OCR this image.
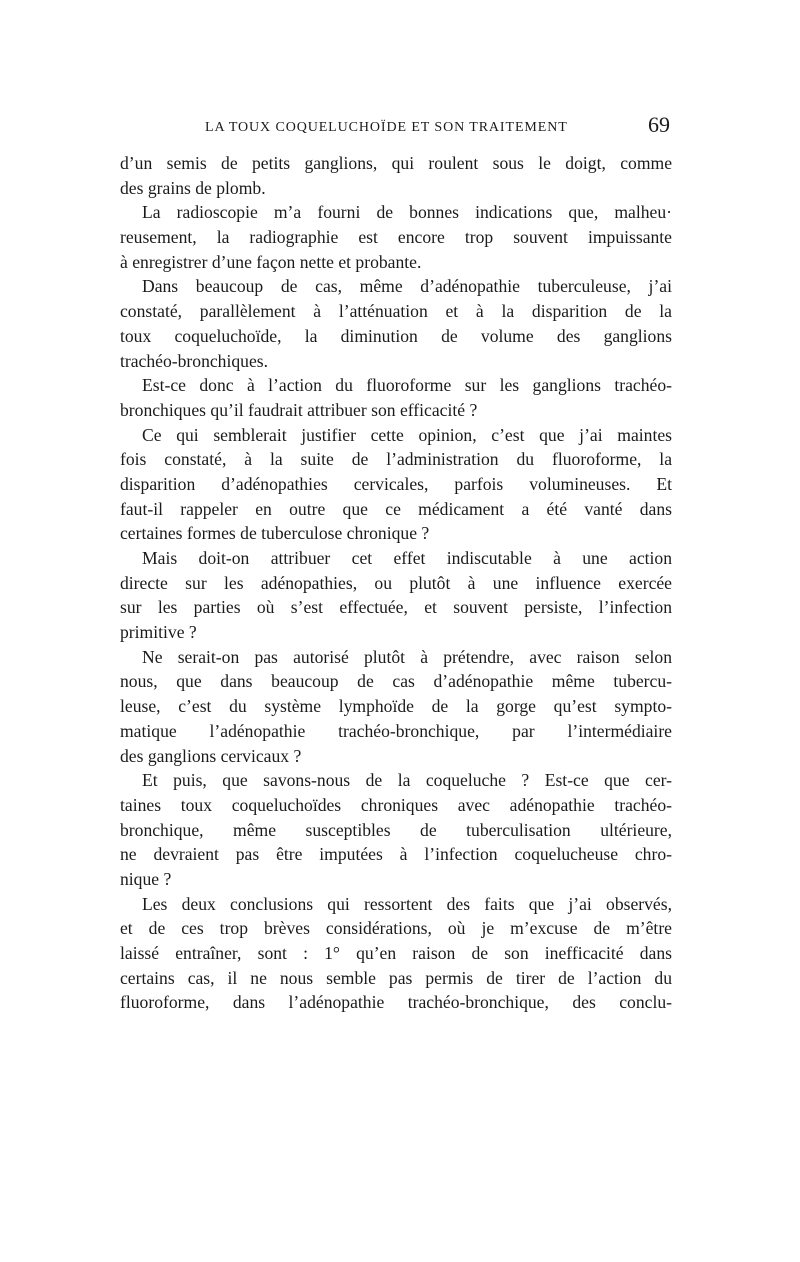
LA TOUX COQUELUCHOÏDE ET SON TRAITEMENT	69
d’un semis de petits ganglions, qui roulent sous le doigt, comme
des grains de plomb.
La radioscopie m’a fourni de bonnes indications que, malheu·
reusement, la radiographie est encore trop souvent impuissante
à enregistrer d’une façon nette et probante.
Dans beaucoup de cas, même d’adénopathie tuberculeuse, j’ai
constaté, parallèlement à l’atténuation et à la disparition de la
toux coqueluchoïde, la diminution de volume des ganglions
trachéo-bronchiques.
Est-ce donc à l’action du fluoroforme sur les ganglions trachéo-
bronchiques qu’il faudrait attribuer son efficacité ?
Ce qui semblerait justifier cette opinion, c’est que j’ai maintes
fois constaté, à la suite de l’administration du fluoroforme, la
disparition d’adénopathies cervicales, parfois volumineuses. Et
faut-il rappeler en outre que ce médicament a été vanté dans
certaines formes de tuberculose chronique ?
Mais doit-on attribuer cet effet indiscutable à une action
directe sur les adénopathies, ou plutôt à une influence exercée
sur les parties où s’est effectuée, et souvent persiste, l’infection
primitive ?
Ne serait-on pas autorisé plutôt à prétendre, avec raison selon
nous, que dans beaucoup de cas d’adénopathie même tubercu-
leuse, c’est du système lymphoïde de la gorge qu’est sympto-
matique l’adénopathie trachéo-bronchique, par l’intermédiaire
des ganglions cervicaux ?
Et puis, que savons-nous de la coqueluche ? Est-ce que cer-
taines toux coqueluchoïdes chroniques avec adénopathie trachéo-
bronchique, même susceptibles de tuberculisation ultérieure,
ne devraient pas être imputées à l’infection coquelucheuse chro-
nique ?
Les deux conclusions qui ressortent des faits que j’ai observés,
et de ces trop brèves considérations, où je m’excuse de m’être
laissé entraîner, sont : 1° qu’en raison de son inefficacité dans
certains cas, il ne nous semble pas permis de tirer de l’action du
fluoroforme, dans l’adénopathie trachéo-bronchique, des conclu-
